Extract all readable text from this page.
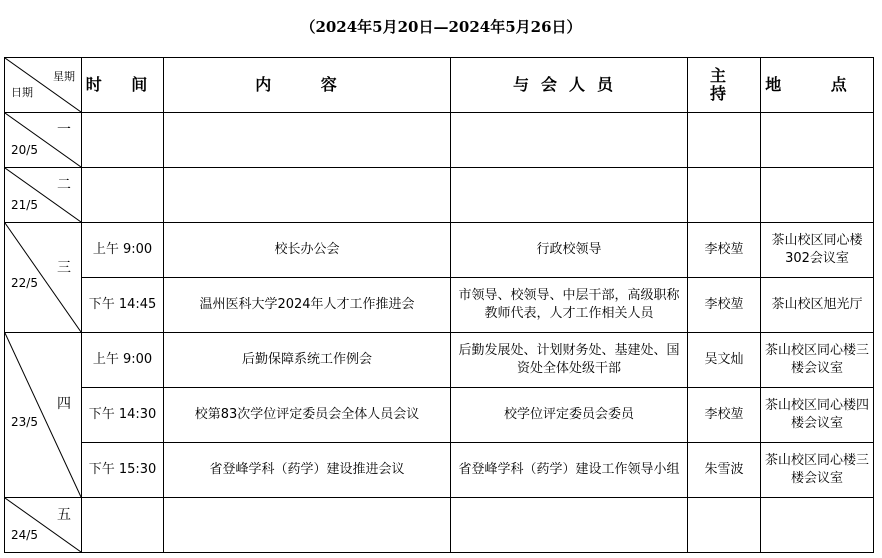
（2024年5月20日—2024年5月26日）
星期
日期	时 间	内 容	与会人员	主 持	地 点

一
20/5					

二
21/5					

三
22/5	上午 9:00	校长办公会	行政校领导	李校堃	茶山校区同心楼302会议室
	下午 14:45	温州医科大学2024年人才工作推进会	市领导、校领导、中层干部，高级职称教师代表，人才工作相关人员	李校堃	茶山校区旭光厅

四
23/5	上午 9:00	后勤保障系统工作例会	后勤发展处、计划财务处、基建处、国资处全体处级干部	吴文灿	茶山校区同心楼三楼会议室
	下午 14:30	校第83次学位评定委员会全体人员会议	校学位评定委员会委员	李校堃	茶山校区同心楼四楼会议室
	下午 15:30	省登峰学科（药学）建设推进会议	省登峰学科（药学）建设工作领导小组	朱雪波	茶山校区同心楼三楼会议室

五
24/5					
